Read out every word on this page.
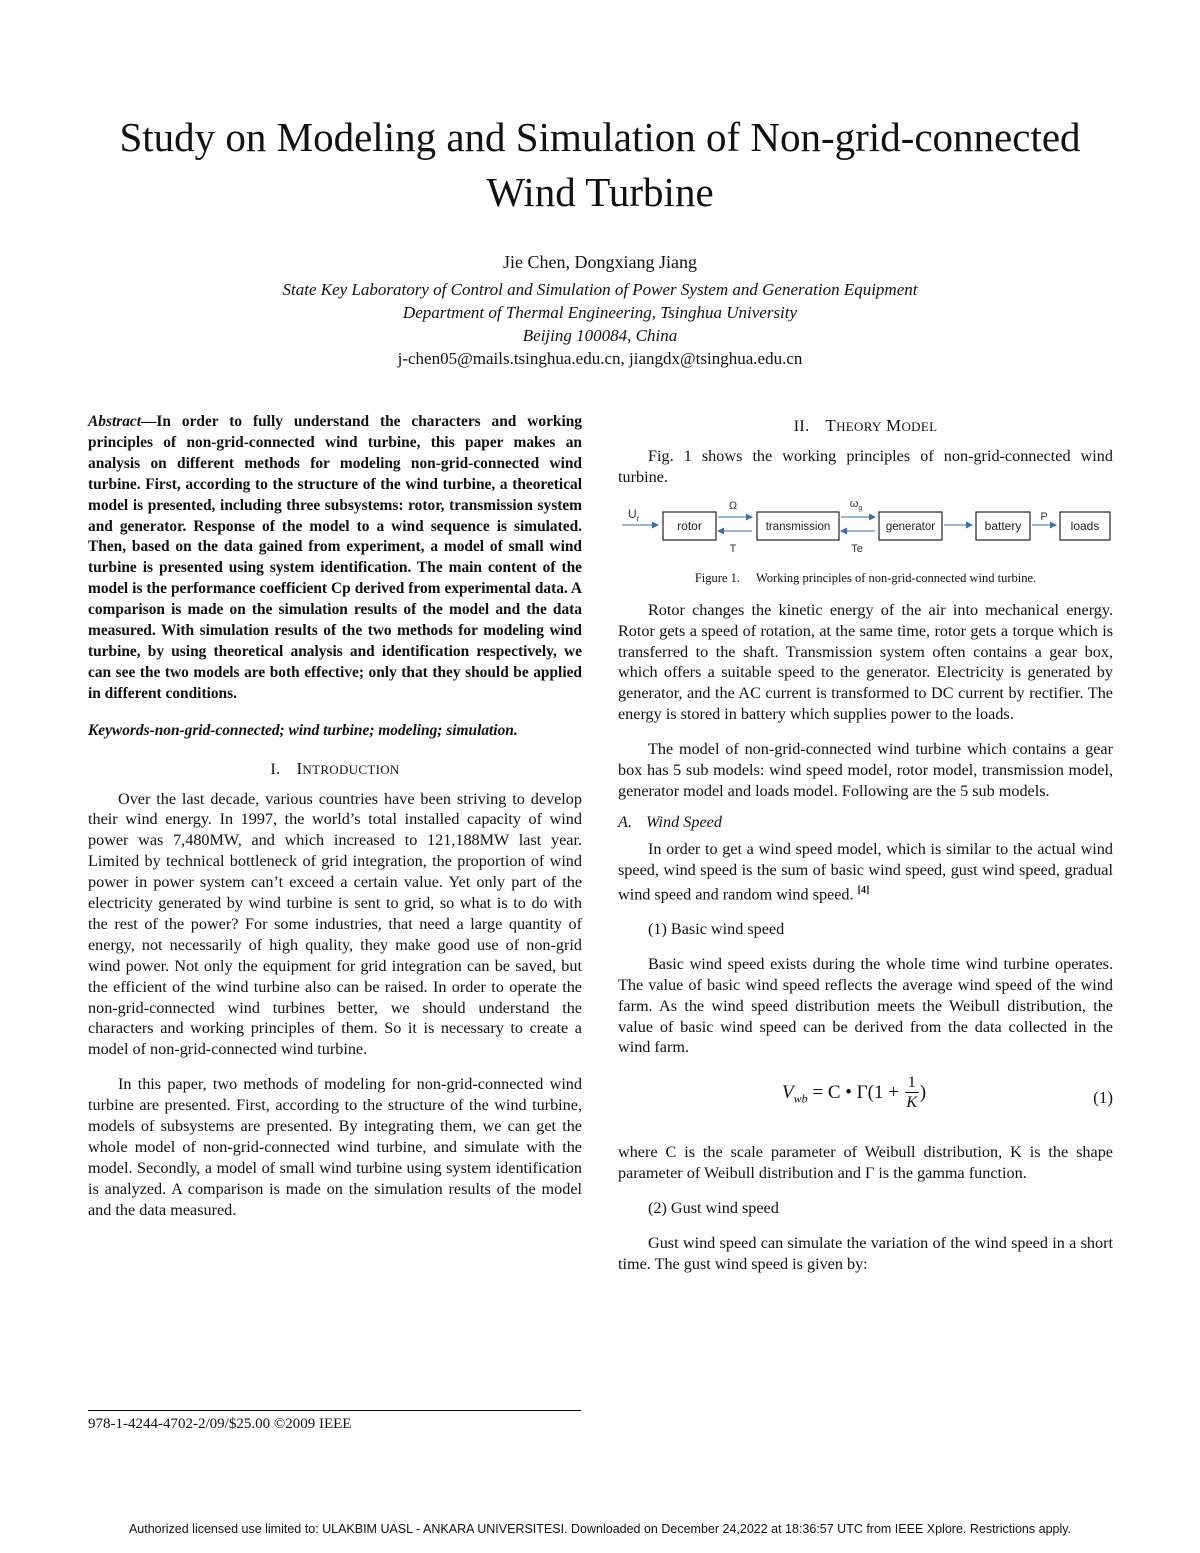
Study on Modeling and Simulation of Non-grid-connected Wind Turbine
Jie Chen, Dongxiang Jiang
State Key Laboratory of Control and Simulation of Power System and Generation Equipment
Department of Thermal Engineering, Tsinghua University
Beijing 100084, China
j-chen05@mails.tsinghua.edu.cn, jiangdx@tsinghua.edu.cn

Abstract—In order to fully understand the characters and working principles of non-grid-connected wind turbine, this paper makes an analysis on different methods for modeling non-grid-connected wind turbine. First, according to the structure of the wind turbine, a theoretical model is presented, including three subsystems: rotor, transmission system and generator. Response of the model to a wind sequence is simulated. Then, based on the data gained from experiment, a model of small wind turbine is presented using system identification. The main content of the model is the performance coefficient Cp derived from experimental data. A comparison is made on the simulation results of the model and the data measured. With simulation results of the two methods for modeling wind turbine, by using theoretical analysis and identification respectively, we can see the two models are both effective; only that they should be applied in different conditions.

Keywords-non-grid-connected; wind turbine; modeling; simulation.

I. INTRODUCTION

Over the last decade, various countries have been striving to develop their wind energy. In 1997, the world’s total installed capacity of wind power was 7,480MW, and which increased to 121,188MW last year. Limited by technical bottleneck of grid integration, the proportion of wind power in power system can’t exceed a certain value. Yet only part of the electricity generated by wind turbine is sent to grid, so what is to do with the rest of the power? For some industries, that need a large quantity of energy, not necessarily of high quality, they make good use of non-grid wind power. Not only the equipment for grid integration can be saved, but the efficient of the wind turbine also can be raised. In order to operate the non-grid-connected wind turbines better, we should understand the characters and working principles of them. So it is necessary to create a model of non-grid-connected wind turbine.

In this paper, two methods of modeling for non-grid-connected wind turbine are presented. First, according to the structure of the wind turbine, models of subsystems are presented. By integrating them, we can get the whole model of non-grid-connected wind turbine, and simulate with the model. Secondly, a model of small wind turbine using system identification is analyzed. A comparison is made on the simulation results of the model and the data measured.

II. THEORY MODEL

Fig. 1 shows the working principles of non-grid-connected wind turbine.

$U_r$
rotor
Ω
T
transmission
$\omega_g$
Te
generator	battery
P
loads

Figure 1. Working principles of non-grid-connected wind turbine.

Rotor changes the kinetic energy of the air into mechanical energy. Rotor gets a speed of rotation, at the same time, rotor gets a torque which is transferred to the shaft. Transmission system often contains a gear box, which offers a suitable speed to the generator. Electricity is generated by generator, and the AC current is transformed to DC current by rectifier. The energy is stored in battery which supplies power to the loads.

The model of non-grid-connected wind turbine which contains a gear box has 5 sub models: wind speed model, rotor model, transmission model, generator model and loads model. Following are the 5 sub models.

A. Wind Speed

In order to get a wind speed model, which is similar to the actual wind speed, wind speed is the sum of basic wind speed, gust wind speed, gradual wind speed and random wind speed. [4]

(1) Basic wind speed

Basic wind speed exists during the whole time wind turbine operates. The value of basic wind speed reflects the average wind speed of the wind farm. As the wind speed distribution meets the Weibull distribution, the value of basic wind speed can be derived from the data collected in the wind farm.

$V_{wb} = C$ • $\Gamma(1 + \frac{1}{K}$ )	(1)

where C is the scale parameter of Weibull distribution, K is the shape parameter of Weibull distribution and Γ is the gamma function.

(2) Gust wind speed

Gust wind speed can simulate the variation of the wind speed in a short time. The gust wind speed is given by:

978-1-4244-4702-2/09/$25.00 ©2009 IEEE
Authorized licensed use limited to: ULAKBIM UASL - ANKARA UNIVERSITESI. Downloaded on December 24,2022 at 18:36:57 UTC from IEEE Xplore. Restrictions apply.
